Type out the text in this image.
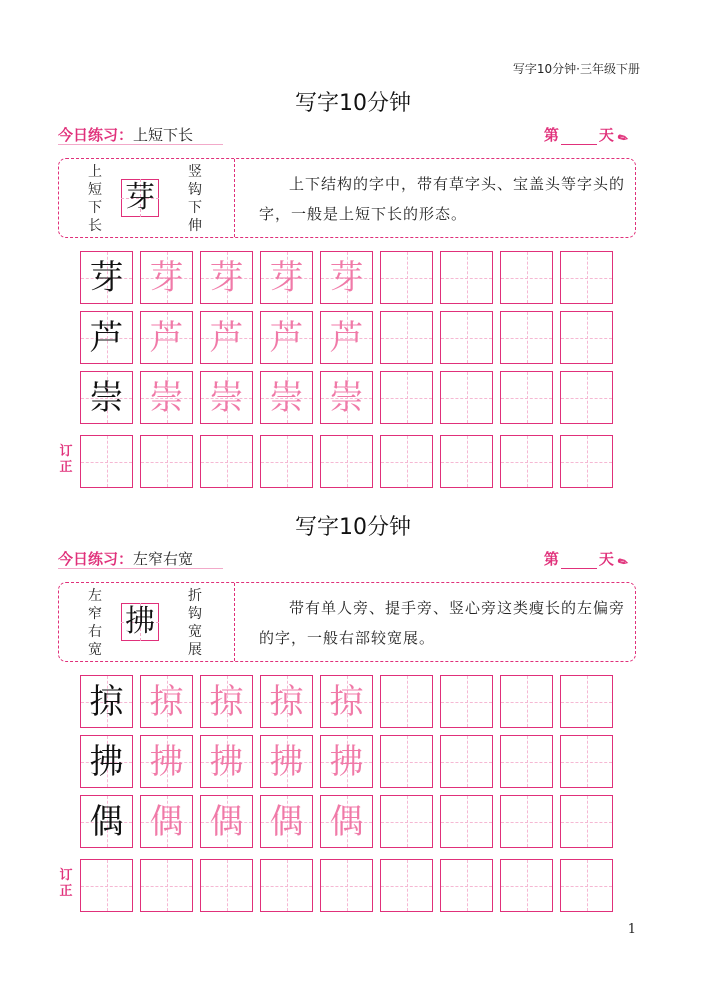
写字10分钟·三年级下册
写字10分钟
今日练习：上短下长	第	天 ✎
上
短
下
长
芽
竖
钩
下
伸
上下结构的字中，带有草字头、宝盖头等字头的字，一般是上短下长的形态。
芽 芽 芽 芽 芽
芦 芦 芦 芦 芦
崇 崇 崇 崇 崇
订
正
写字10分钟
今日练习：左窄右宽	第	天 ✎
左
窄
右
宽
拂
折
钩
宽
展
带有单人旁、提手旁、竖心旁这类瘦长的左偏旁的字，一般右部较宽展。
掠 掠 掠 掠 掠
拂 拂 拂 拂 拂
偶 偶 偶 偶 偶
订
正
1
